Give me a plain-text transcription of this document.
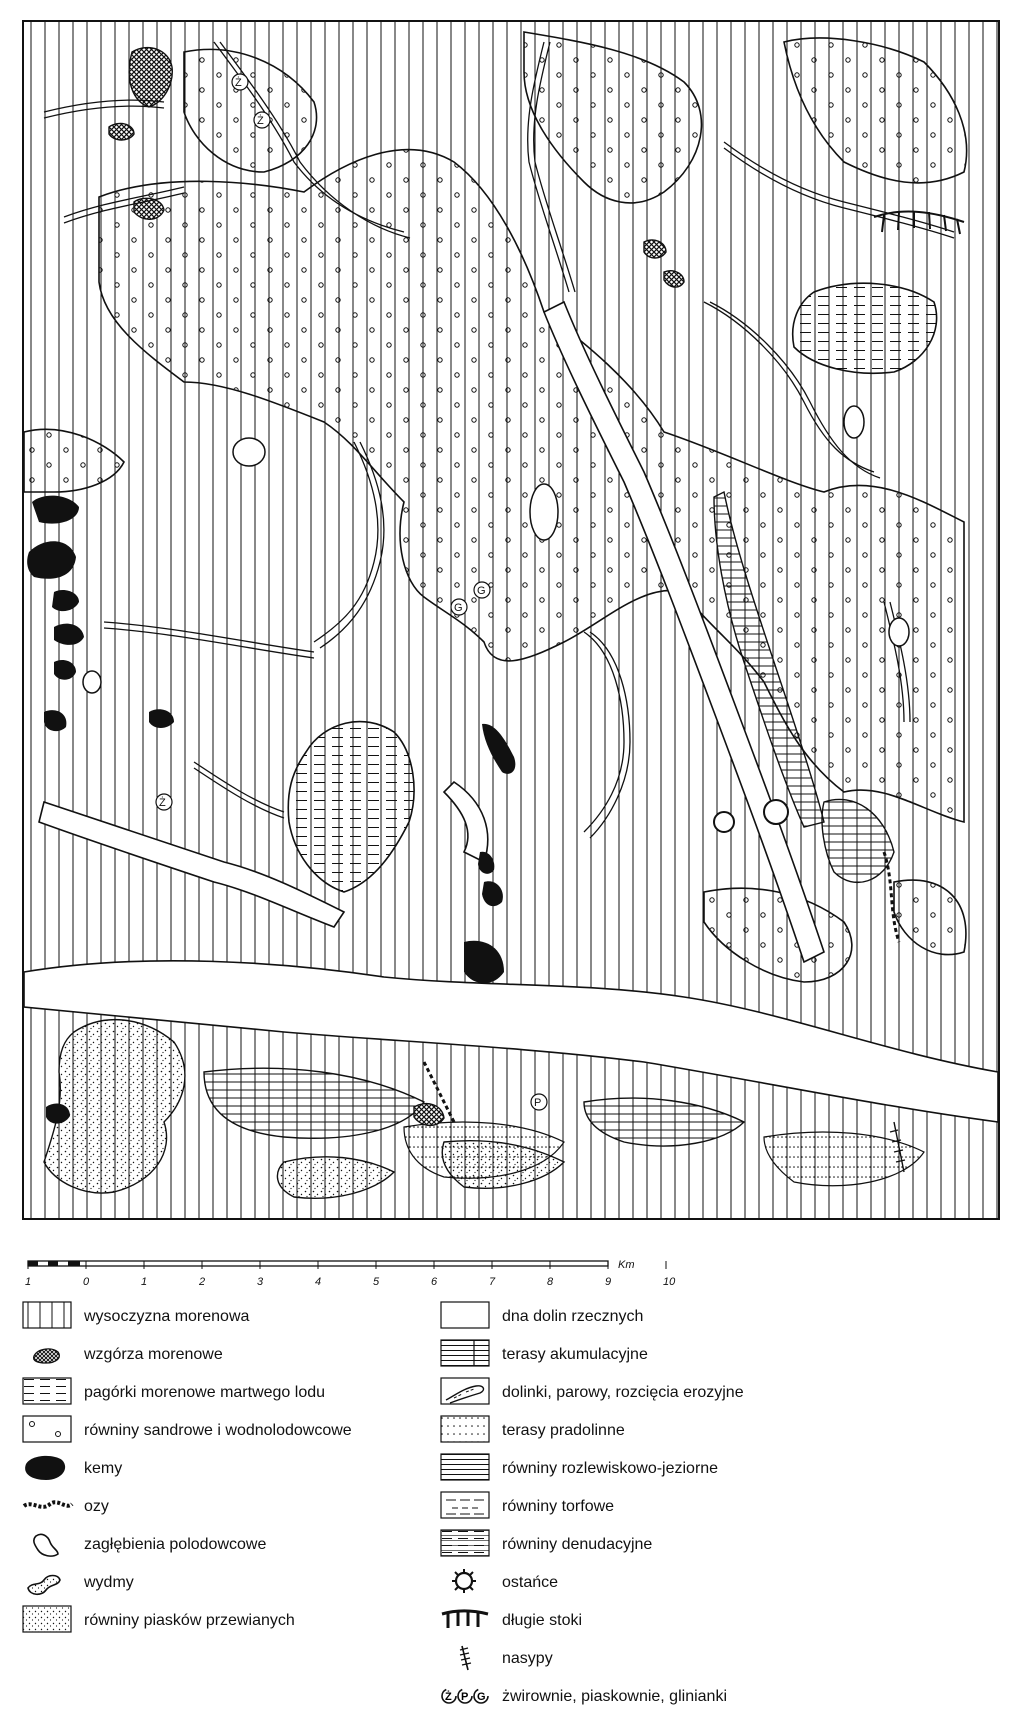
Ż
Ż
Ż
G
G
P
1	0	1	2	3	4	5	6	7	8	9	10
Km
wysoczyzna morenowa
wzgórza morenowe
pagórki morenowe martwego lodu
równiny sandrowe i wodnolodowcowe
kemy
ozy
zagłębienia polodowcowe
wydmy
równiny piasków przewianych
dna dolin rzecznych
terasy akumulacyjne
dolinki, parowy, rozcięcia erozyjne
terasy pradolinne
równiny rozlewiskowo-jeziorne
równiny torfowe
równiny denudacyjne
ostańce
długie stoki
nasypy
Ż P G żwirownie, piaskownie, glinianki
